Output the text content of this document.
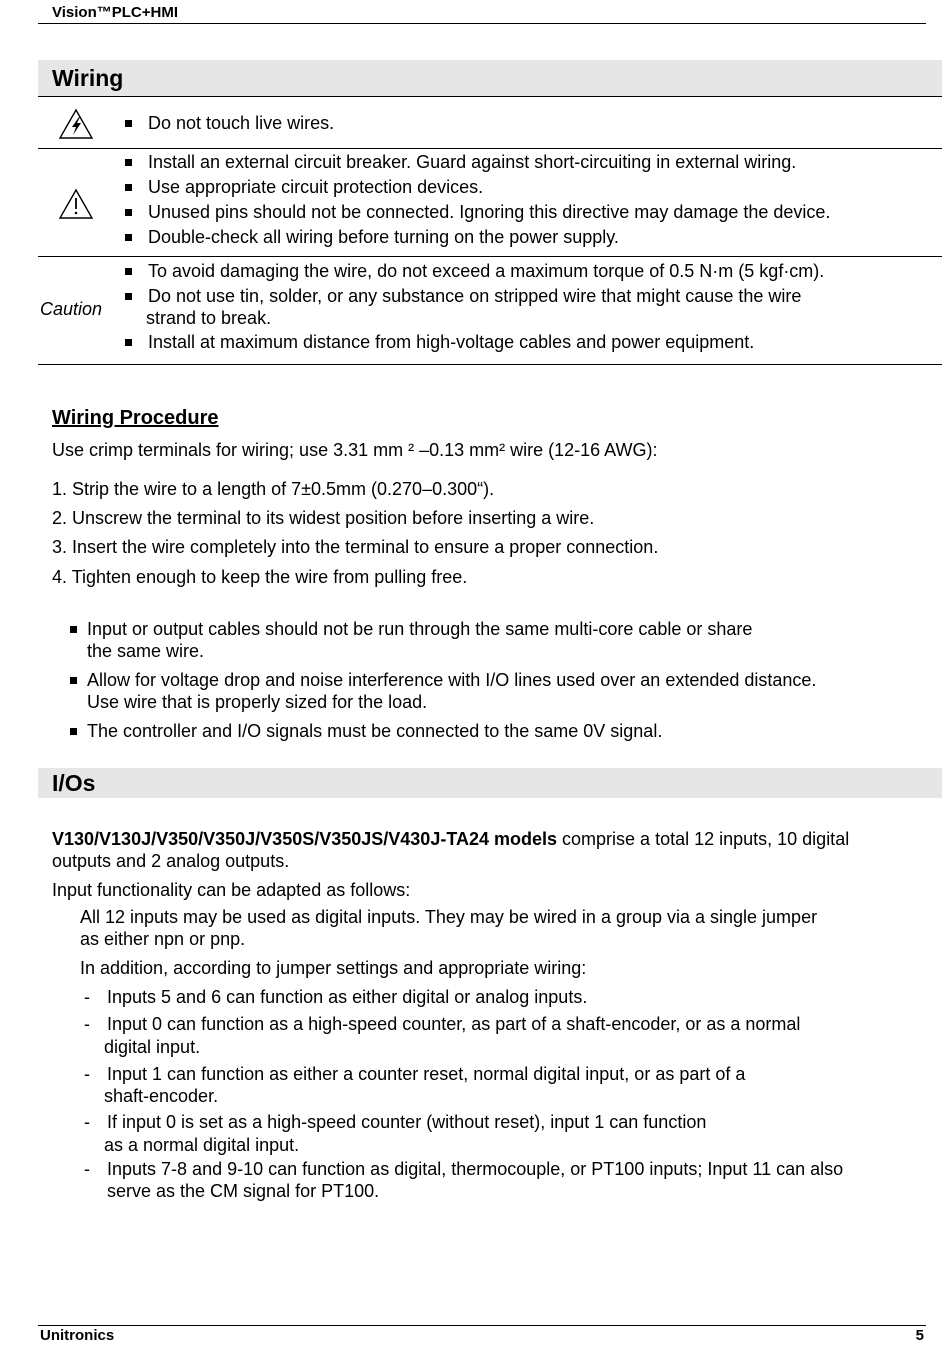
Vision™PLC+HMI
Wiring
Do not touch live wires.
Install an external circuit breaker. Guard against short-circuiting in external wiring.
Use appropriate circuit protection devices.
Unused pins should not be connected. Ignoring this directive may damage the device.
Double-check all wiring before turning on the power supply.
Caution
To avoid damaging the wire, do not exceed a maximum torque of 0.5 N·m (5 kgf·cm).
Do not use tin, solder, or any substance on stripped wire that might cause the wire
strand to break.
Install at maximum distance from high-voltage cables and power equipment.
Wiring Procedure
Use crimp terminals for wiring; use 3.31 mm ² –0.13 mm² wire (12-16 AWG):
1. Strip the wire to a length of 7±0.5mm (0.270–0.300“).
2. Unscrew the terminal to its widest position before inserting a wire.
3. Insert the wire completely into the terminal to ensure a proper connection.
4. Tighten enough to keep the wire from pulling free.
Input or output cables should not be run through the same multi-core cable or share
the same wire.
Allow for voltage drop and noise interference with I/O lines used over an extended distance.
Use wire that is properly sized for the load.
The controller and I/O signals must be connected to the same 0V signal.
I/Os
V130/V130J/V350/V350J/V350S/V350JS/V430J-TA24 models comprise a total 12 inputs, 10 digital
outputs and 2 analog outputs.
Input functionality can be adapted as follows:
All 12 inputs may be used as digital inputs. They may be wired in a group via a single jumper
as either npn or pnp.
In addition, according to jumper settings and appropriate wiring:
- Inputs 5 and 6 can function as either digital or analog inputs.
- Input 0 can function as a high-speed counter, as part of a shaft-encoder, or as a normal
digital input.
- Input 1 can function as either a counter reset, normal digital input, or as part of a
shaft-encoder.
- If input 0 is set as a high-speed counter (without reset), input 1 can function
as a normal digital input.
- Inputs 7-8 and 9-10 can function as digital, thermocouple, or PT100 inputs; Input 11 can also
serve as the CM signal for PT100.
Unitronics	5
